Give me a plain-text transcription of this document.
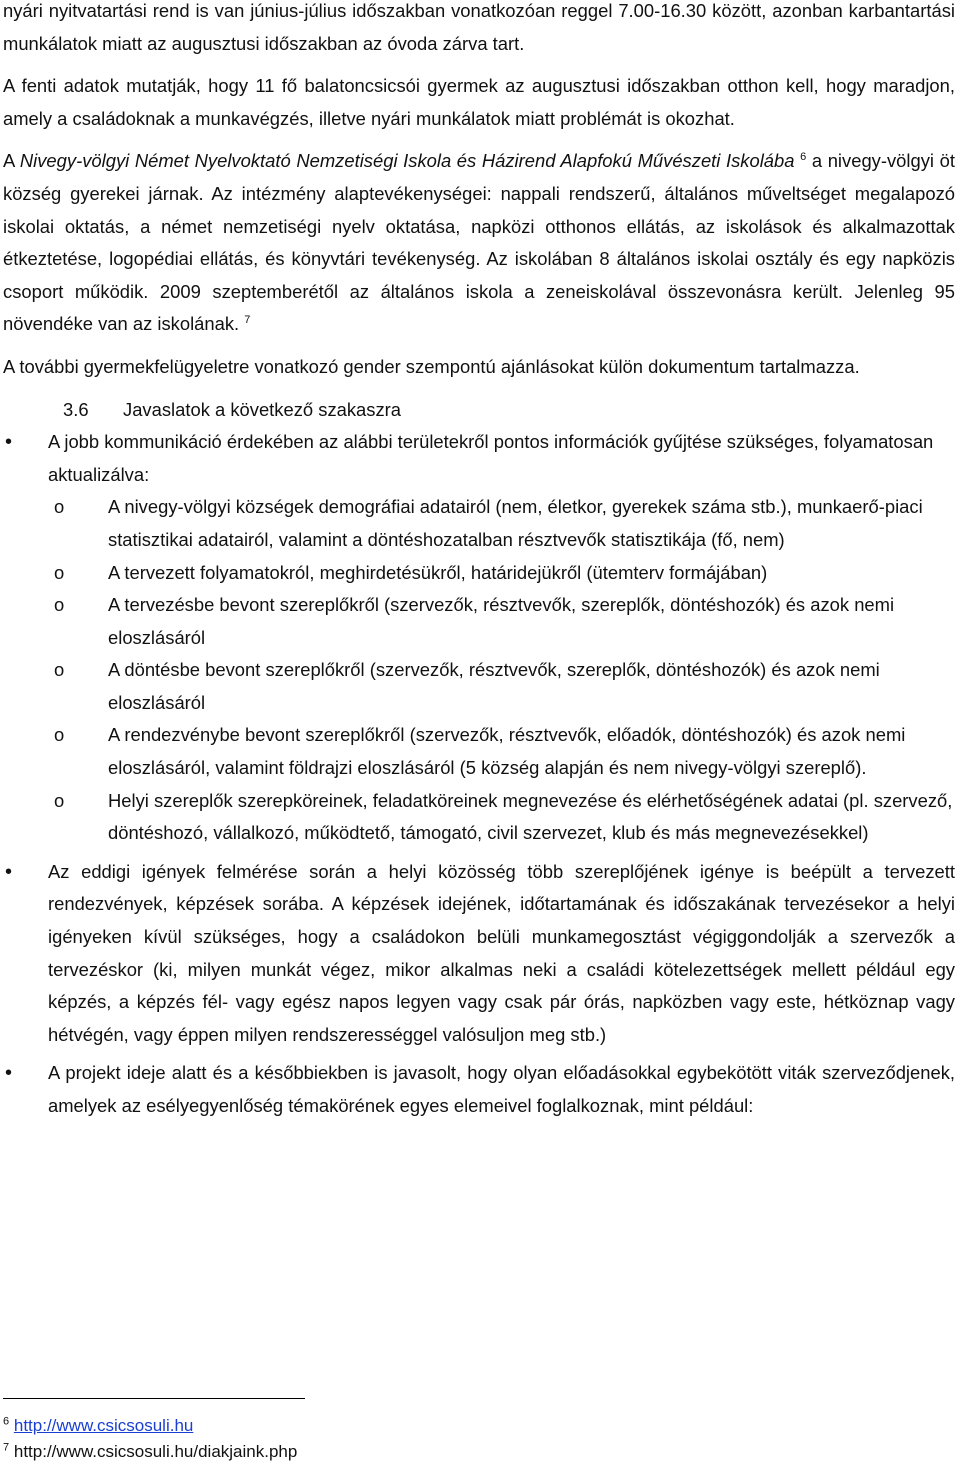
nyári nyitvatartási rend is van június-július időszakban vonatkozóan reggel 7.00-16.30 között, azonban karbantartási munkálatok miatt az augusztusi időszakban az óvoda zárva tart.

A fenti adatok mutatják, hogy 11 fő balatoncsicsói gyermek az augusztusi időszakban otthon kell, hogy maradjon, amely a családoknak a munkavégzés, illetve nyári munkálatok miatt problémát is okozhat.

A Nivegy-völgyi Német Nyelvoktató Nemzetiségi Iskola és Házirend Alapfokú Művészeti Iskolába $^6$ a nivegy-völgyi öt község gyerekei járnak. Az intézmény alaptevékenységei: nappali rendszerű, általános műveltséget megalapozó iskolai oktatás, a német nemzetiségi nyelv oktatása, napközi otthonos ellátás, az iskolások és alkalmazottak étkeztetése, logopédiai ellátás, és könyvtári tevékenység. Az iskolában 8 általános iskolai osztály és egy napközis csoport működik. 2009 szeptemberétől az általános iskola a zeneiskolával összevonásra került. Jelenleg 95 növendéke van az iskolának. $^7$

A további gyermekfelügyeletre vonatkozó gender szempontú ajánlásokat külön dokumentum tartalmazza.

3.6 Javaslatok a következő szakaszra
• A jobb kommunikáció érdekében az alábbi területekről pontos információk gyűjtése szükséges, folyamatosan aktualizálva:
o A nivegy-völgyi községek demográfiai adatairól (nem, életkor, gyerekek száma stb.), munkaerő-piaci statisztikai adatairól, valamint a döntéshozatalban résztvevők statisztikája (fő, nem)
o A tervezett folyamatokról, meghirdetésükről, határidejükről (ütemterv formájában)
o A tervezésbe bevont szereplőkről (szervezők, résztvevők, szereplők, döntéshozók) és azok nemi eloszlásáról
o A döntésbe bevont szereplőkről (szervezők, résztvevők, szereplők, döntéshozók) és azok nemi eloszlásáról
o A rendezvénybe bevont szereplőkről (szervezők, résztvevők, előadók, döntéshozók) és azok nemi eloszlásáról, valamint földrajzi eloszlásáról (5 község alapján és nem nivegy-völgyi szereplő).
o Helyi szereplők szerepköreinek, feladatköreinek megnevezése és elérhetőségének adatai (pl. szervező, döntéshozó, vállalkozó, működtető, támogató, civil szervezet, klub és más megnevezésekkel)

• Az eddigi igények felmérése során a helyi közösség több szereplőjének igénye is beépült a tervezett rendezvények, képzések sorába. A képzések idejének, időtartamának és időszakának tervezésekor a helyi igényeken kívül szükséges, hogy a családokon belüli munkamegosztást végiggondolják a szervezők a tervezéskor (ki, milyen munkát végez, mikor alkalmas neki a családi kötelezettségek mellett például egy képzés, a képzés fél- vagy egész napos legyen vagy csak pár órás, napközben vagy este, hétköznap vagy hétvégén, vagy éppen milyen rendszerességgel valósuljon meg stb.)

• A projekt ideje alatt és a későbbiekben is javasolt, hogy olyan előadásokkal egybekötött viták szerveződjenek, amelyek az esélyegyenlőség témakörének egyes elemeivel foglalkoznak, mint például:

$^6$ http://www.csicsosuli.hu
$^7$ http://www.csicsosuli.hu/diakjaink.php
